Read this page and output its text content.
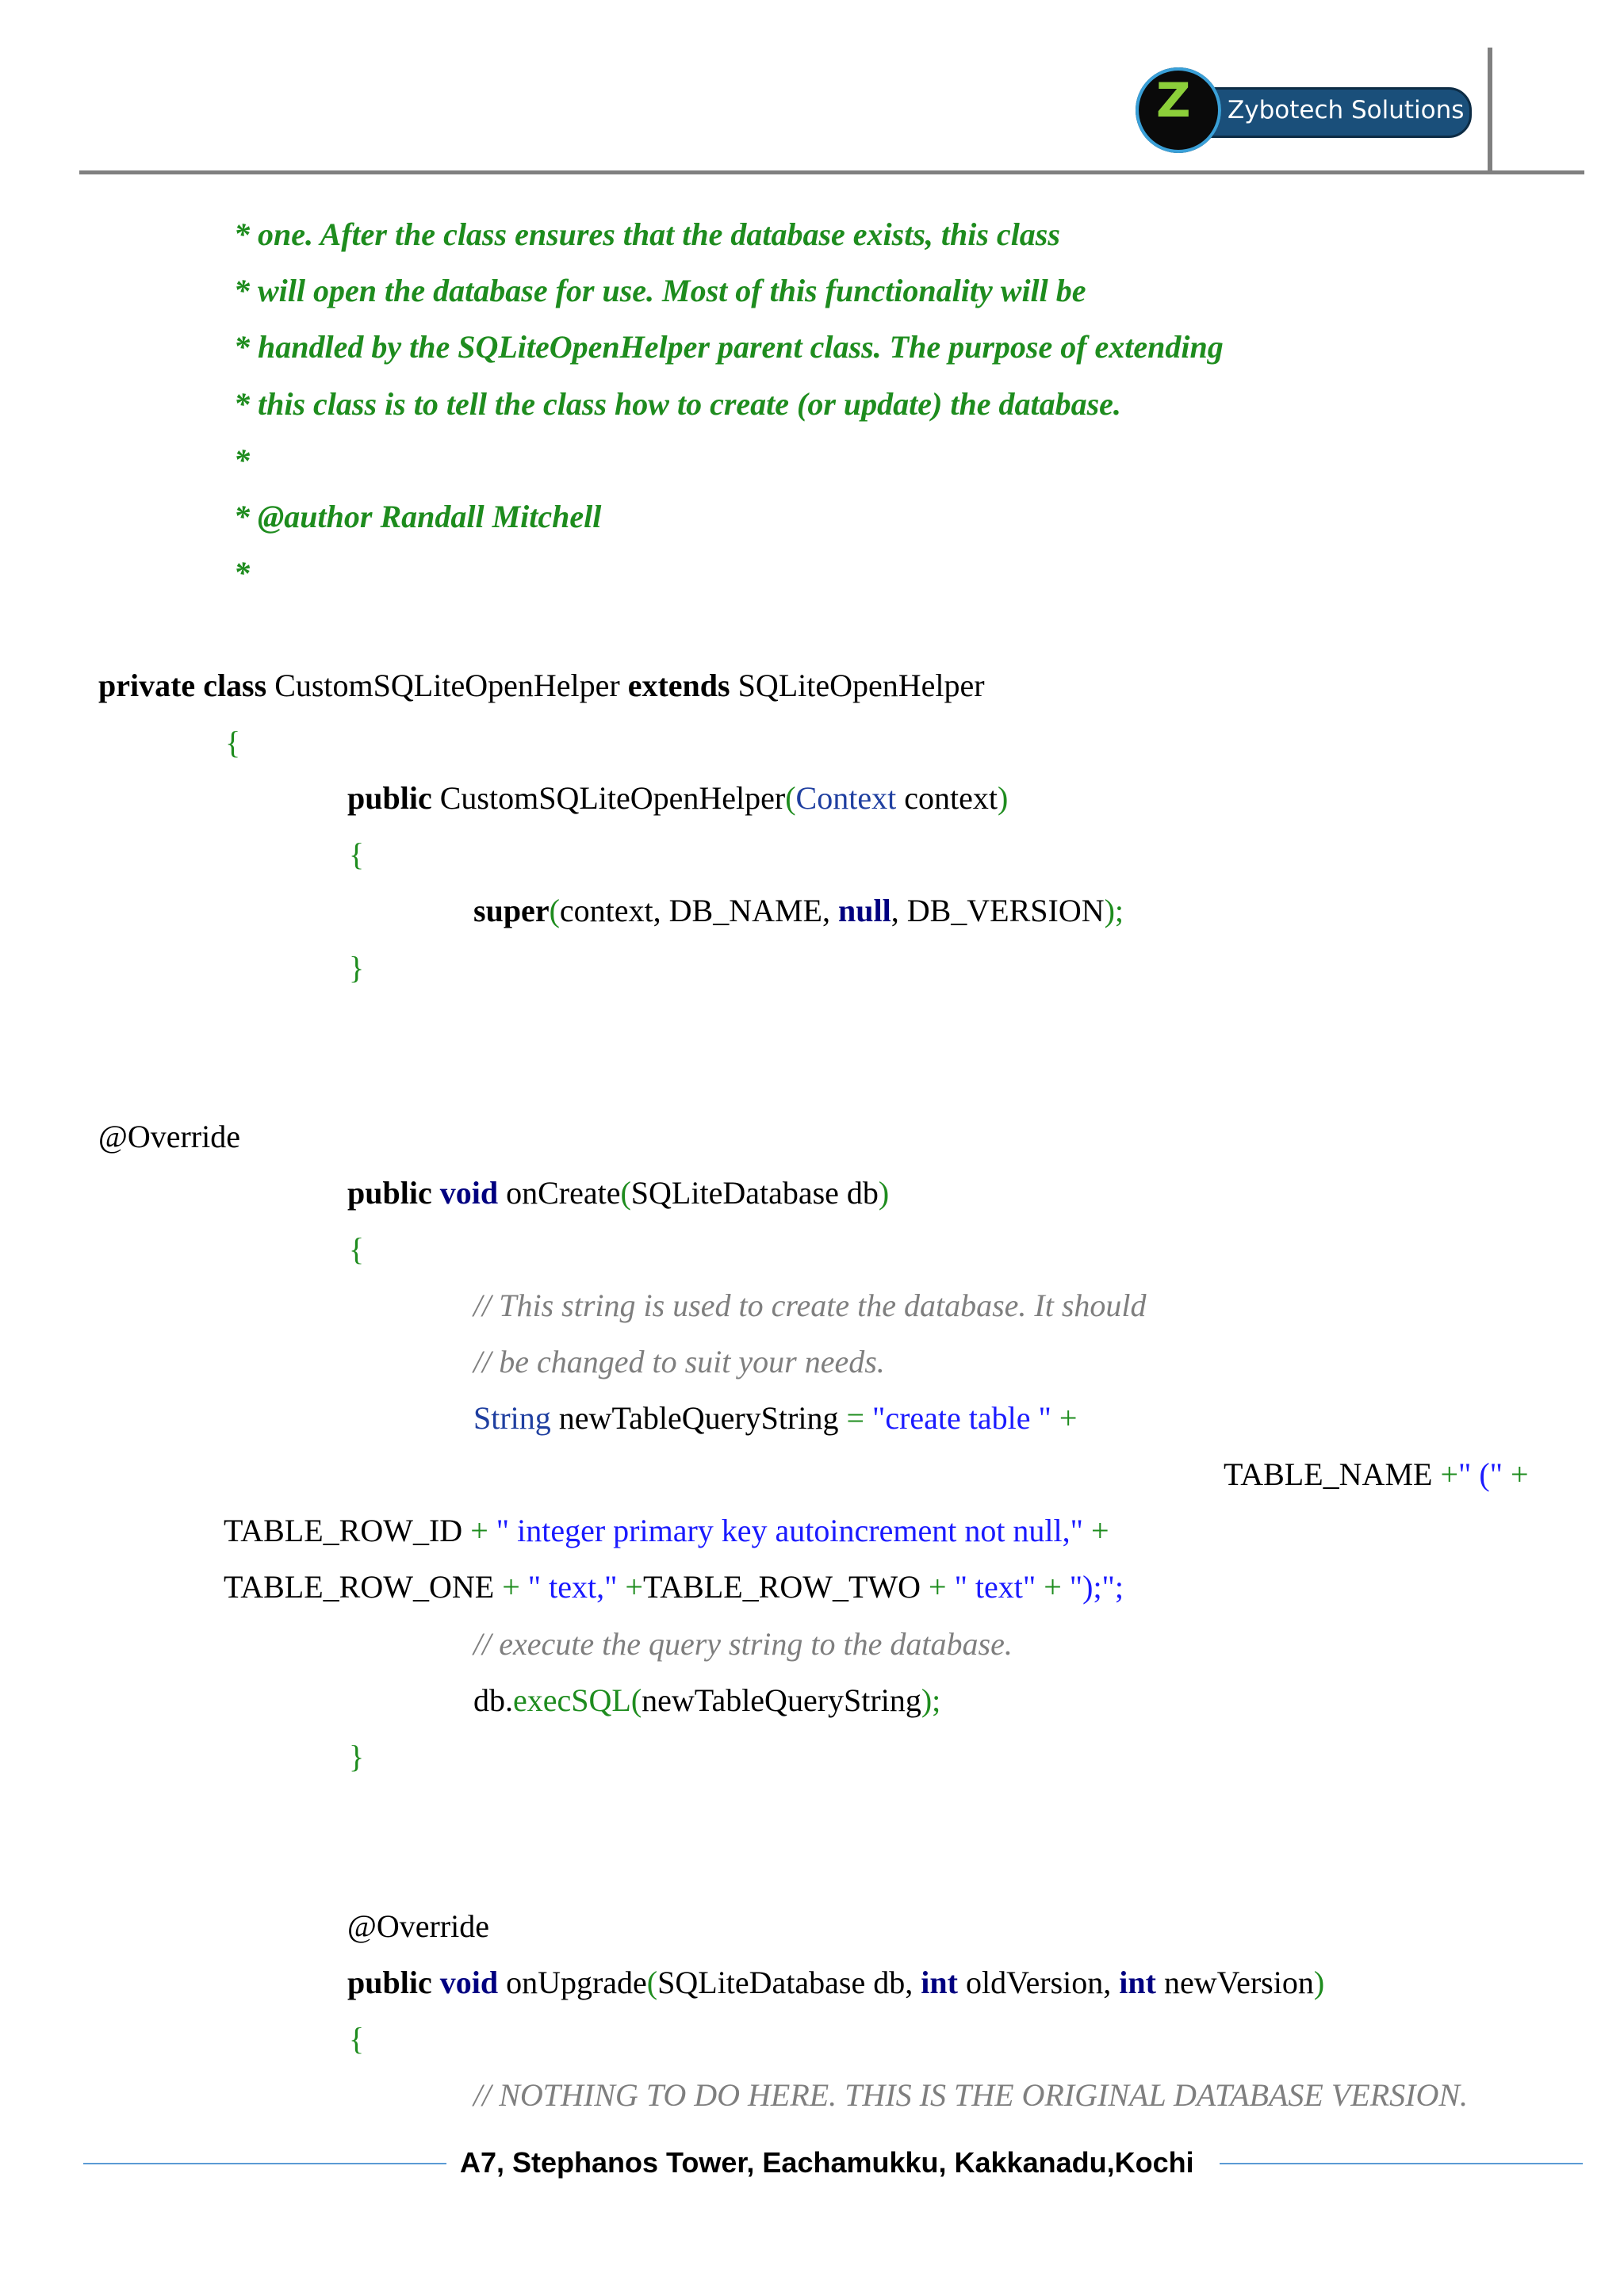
Zybotech Solutions
Z
* one. After the class ensures that the database exists, this class
* will open the database for use. Most of this functionality will be
* handled by the SQLiteOpenHelper parent class. The purpose of extending
* this class is to tell the class how to create (or update) the database.
*
* @author Randall Mitchell
*
private class CustomSQLiteOpenHelper extends SQLiteOpenHelper
{
public CustomSQLiteOpenHelper(Context context)
{
super(context, DB_NAME, null, DB_VERSION);
}
@Override
public void onCreate(SQLiteDatabase db)
{
// This string is used to create the database. It should
// be changed to suit your needs.
String newTableQueryString = "create table " +
TABLE_NAME +" (" +
TABLE_ROW_ID + " integer primary key autoincrement not null," +
TABLE_ROW_ONE + " text," +TABLE_ROW_TWO + " text" + ");";
// execute the query string to the database.
db.execSQL(newTableQueryString);
}
@Override
public void onUpgrade(SQLiteDatabase db, int oldVersion, int newVersion)
{
// NOTHING TO DO HERE. THIS IS THE ORIGINAL DATABASE VERSION.
A7, Stephanos Tower, Eachamukku, Kakkanadu,Kochi
